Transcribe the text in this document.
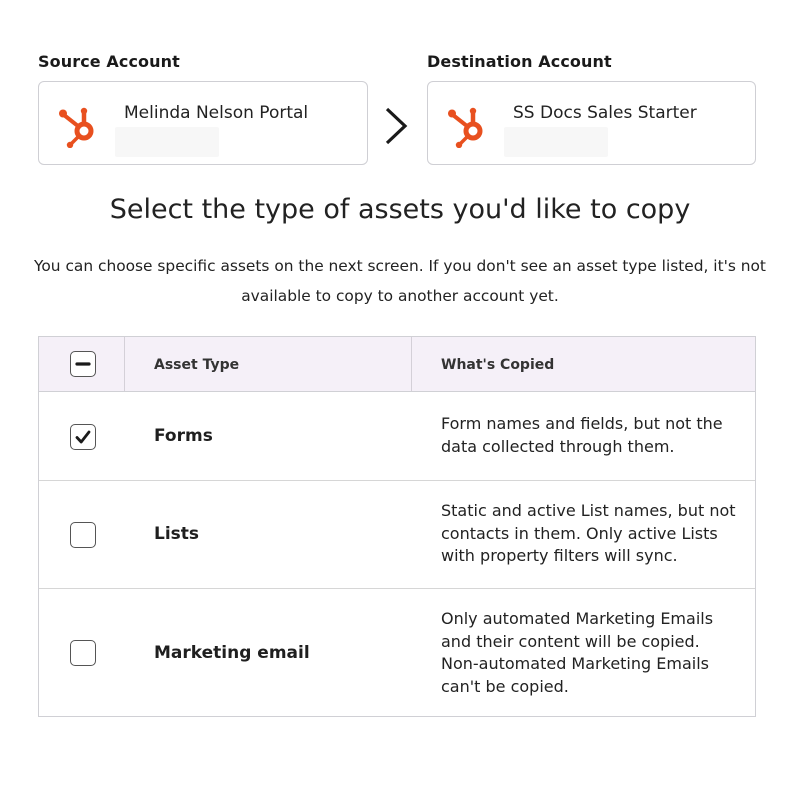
Source Account
Melinda Nelson Portal
Destination Account
SS Docs Sales Starter
Select the type of assets you'd like to copy
You can choose specific assets on the next screen. If you don't see an asset type listed, it's not available to copy to another account yet.
Asset Type	What's Copied
Forms
Form names and fields, but not the data collected through them.
Lists
Static and active List names, but not contacts in them. Only active Lists with property filters will sync.
Marketing email
Only automated Marketing Emails and their content will be copied. Non-automated Marketing Emails can't be copied.
